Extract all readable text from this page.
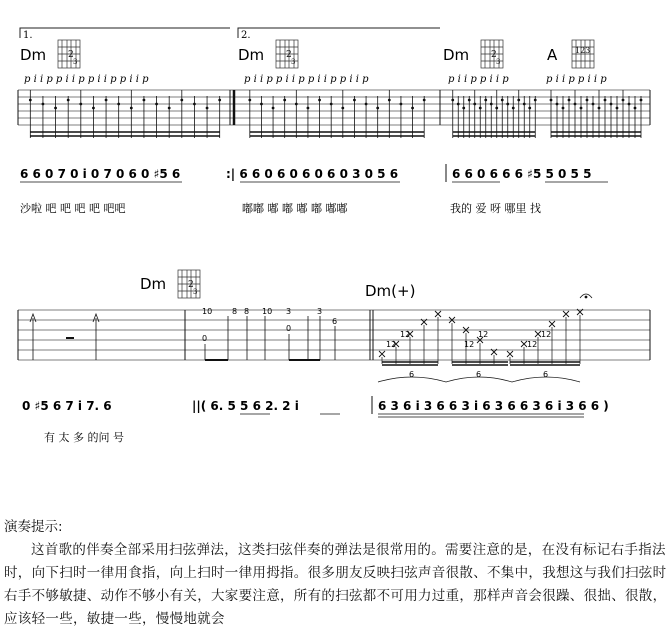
1.	2.
Dm	Dm	Dm	A
2
3
2
3
2
3
123
p i i p p i i p p i i p p i i p	p i i p p i i p p i i p p i i p	p i i p p i i p	p i i p p i i p
6 6 0 7 0 i 0 7 0 6 0 ♯5 6	:| 6 6 0 6 0 6 0 6 0 3 0 5 6	6 6 0 6 6 6 ♯5 5 0 5 5
沙啦 吧 吧 吧 吧 吧吧	嘟嘟 嘟 嘟 嘟 嘟 嘟嘟	我的 爱 呀 哪里 找
Dm 2
3	Dm(+)
10 8 8 10 3	3
6
0
0
12
12
12
12
12
12
6	6	6
0 ♯5 6 7 i 7. 6	||( 6. 5 5 6 2. 2 i	6 3 6 i 3 6 6 3 i 6 3 6 6 3 6 i 3 6 6 )
有 太 多 的问 号
演奏提示:

这首歌的伴奏全部采用扫弦弹法，这类扫弦伴奏的弹法是很常用的。需要注意的是，在没有标记右手指法时，向下扫时一律用食指，向上扫时一律用拇指。很多朋友反映扫弦声音很散、不集中，我想这与我们扫弦时右手不够敏捷、动作不够小有关，大家要注意，所有的扫弦都不可用力过重，那样声音会很躁、很拙、很散，应该轻一些，敏捷一些，慢慢地就会
